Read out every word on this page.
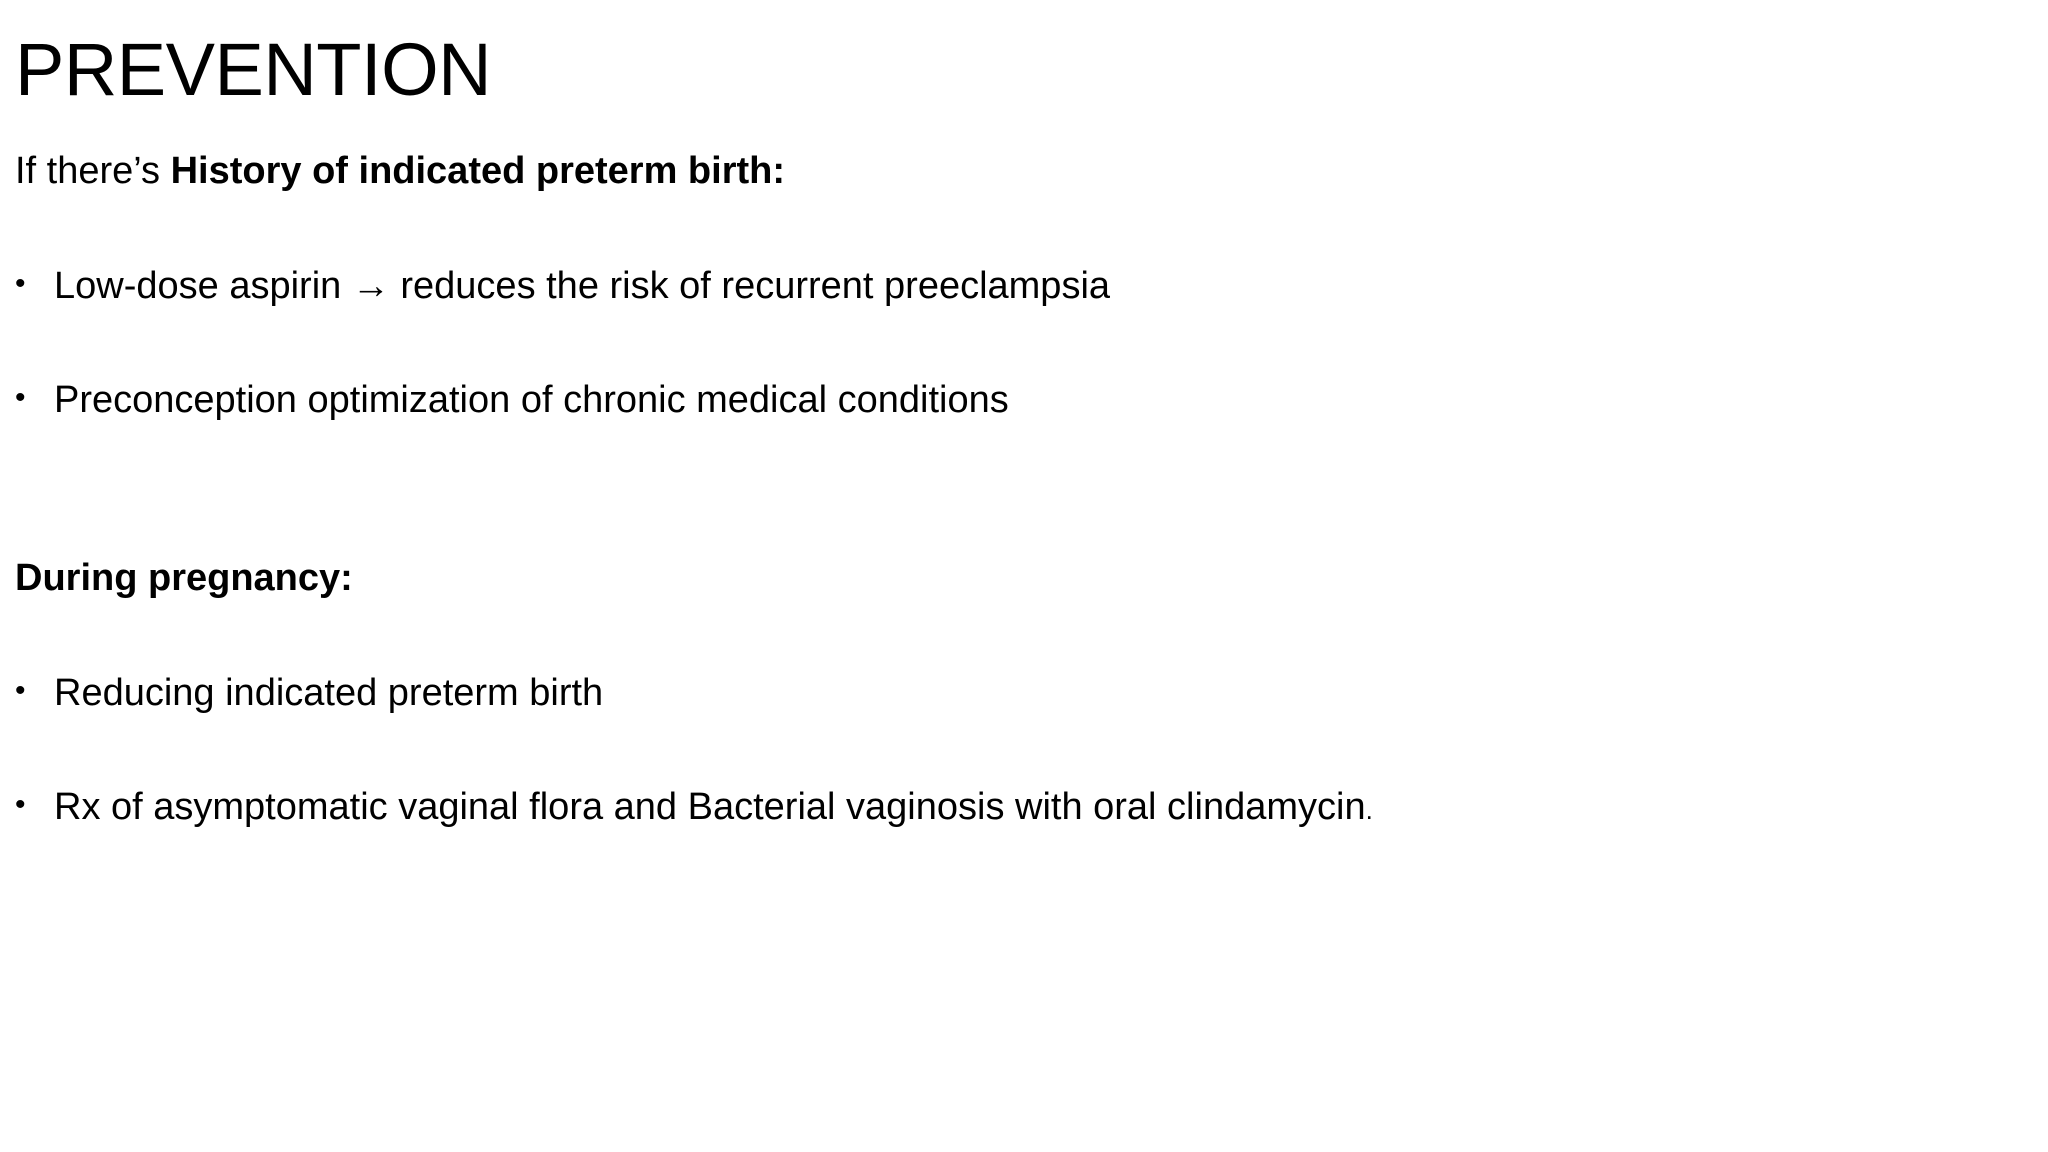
PREVENTION
If there’s History of indicated preterm birth:
• Low-dose aspirin → reduces the risk of recurrent preeclampsia
• Preconception optimization of chronic medical conditions
During pregnancy:
• Reducing indicated preterm birth
• Rx of asymptomatic vaginal flora and Bacterial vaginosis with oral clindamycin.
